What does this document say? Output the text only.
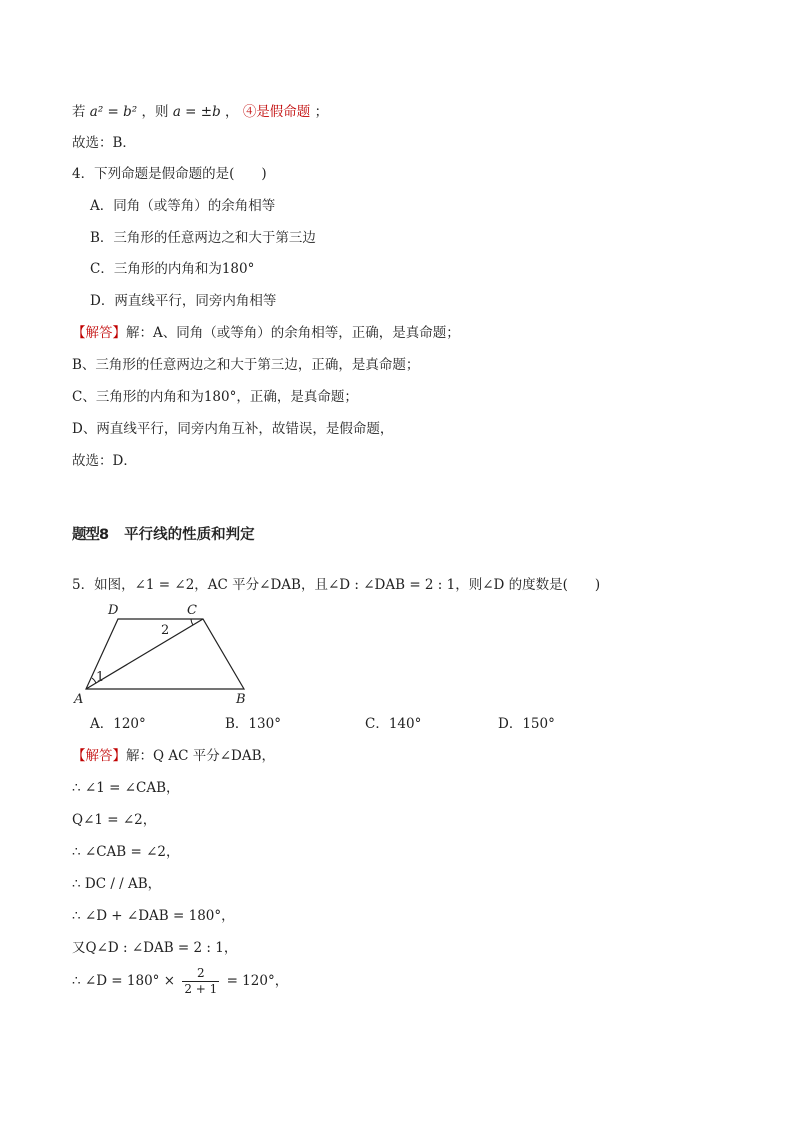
若 a² = b² ，则 a = ±b ， ④是假命题 ；
故选：B．
4．下列命题是假命题的是(　　)
A．同角（或等角）的余角相等
B．三角形的任意两边之和大于第三边
C．三角形的内角和为180°
D．两直线平行，同旁内角相等
【解答】解：A、同角（或等角）的余角相等，正确，是真命题；
B、三角形的任意两边之和大于第三边，正确，是真命题；
C、三角形的内角和为180°，正确，是真命题；
D、两直线平行，同旁内角互补，故错误，是假命题，
故选：D．
题型8 平行线的性质和判定
5．如图，∠1 = ∠2，AC 平分∠DAB，且∠D : ∠DAB = 2 : 1，则∠D 的度数是(　　)
D	C
A	B
1
2
A．120°	B．130°	C．140°	D．150°
【解答】解：Q AC 平分∠DAB，
∴ ∠1 = ∠CAB，
Q∠1 = ∠2，
∴ ∠CAB = ∠2，
∴ DC / / AB，
∴ ∠D + ∠DAB = 180°，
又Q∠D : ∠DAB = 2 : 1，
∴ ∠D = $180^\circ \times \frac{2}{2 + 1} = 120^\circ$，
